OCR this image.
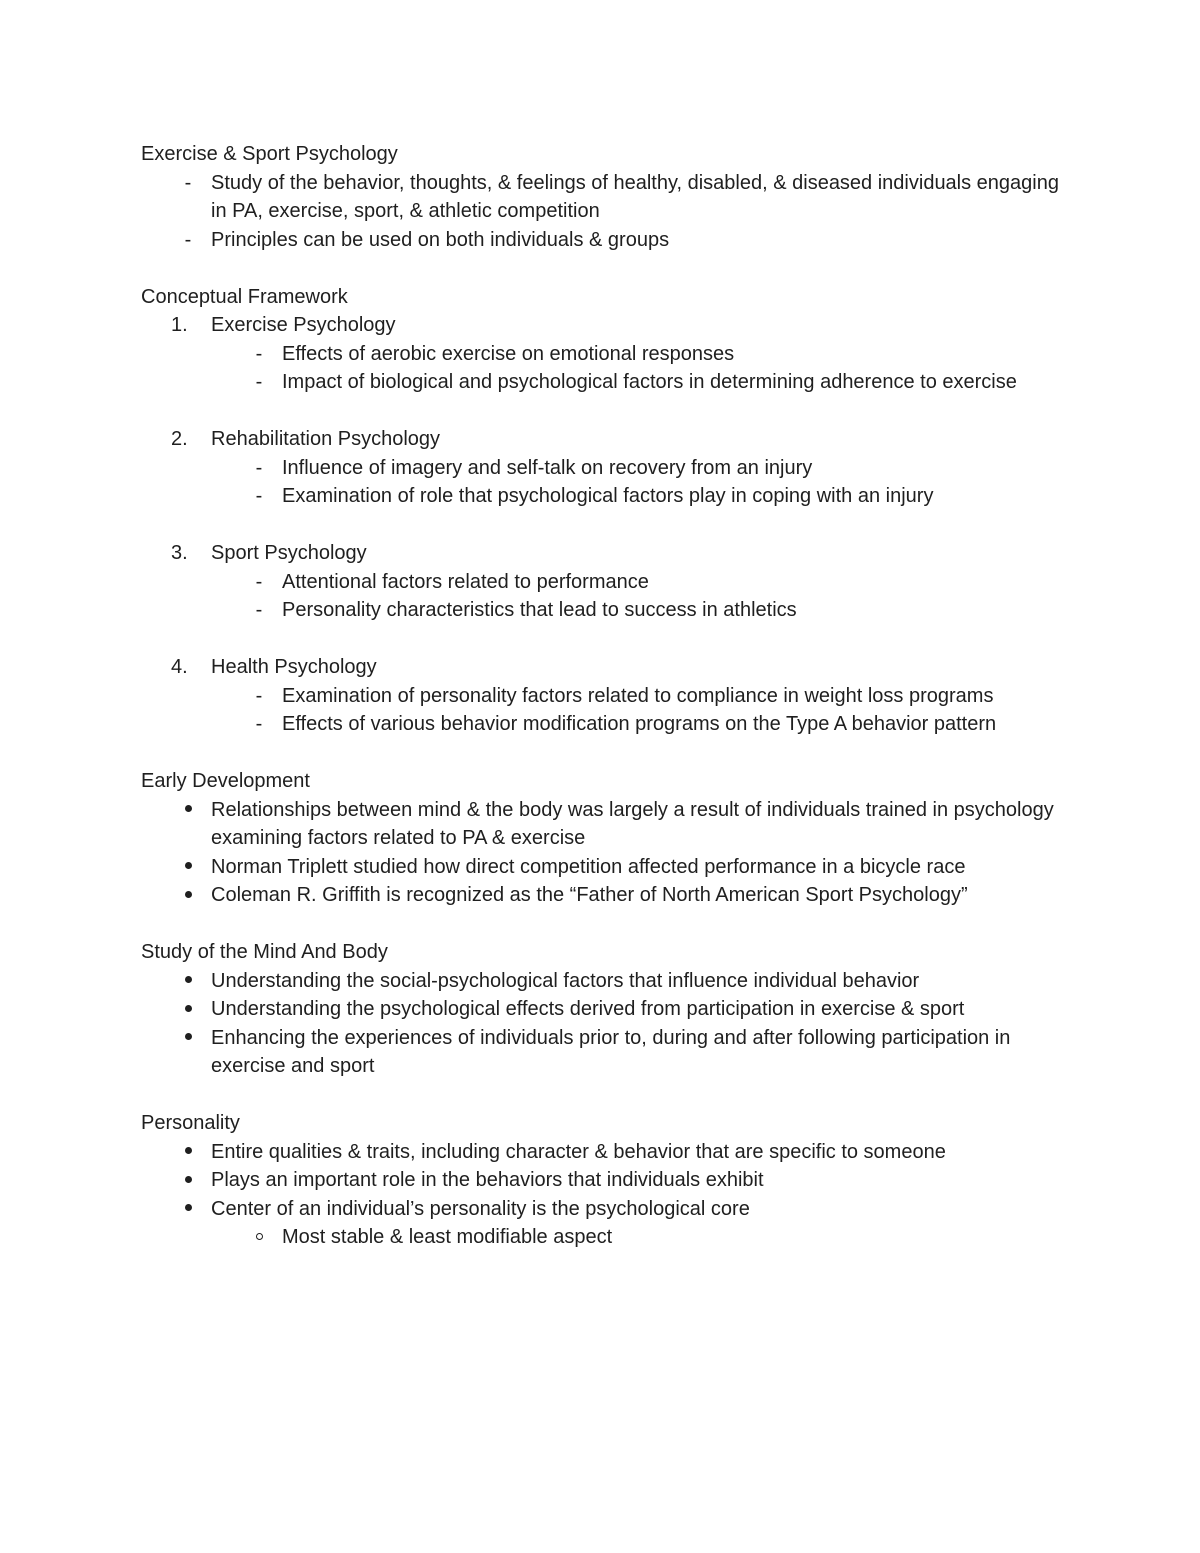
Exercise & Sport Psychology

- Study of the behavior, thoughts, & feelings of healthy, disabled, & diseased individuals engaging in PA, exercise, sport, & athletic competition
- Principles can be used on both individuals & groups

Conceptual Framework

1.	Exercise Psychology
- Effects of aerobic exercise on emotional responses
- Impact of biological and psychological factors in determining adherence to exercise
2.	Rehabilitation Psychology
- Influence of imagery and self-talk on recovery from an injury
- Examination of role that psychological factors play in coping with an injury
3.	Sport Psychology
- Attentional factors related to performance
- Personality characteristics that lead to success in athletics
4.	Health Psychology
- Examination of personality factors related to compliance in weight loss programs
- Effects of various behavior modification programs on the Type A behavior pattern

Early Development

Relationships between mind & the body was largely a result of individuals trained in psychology examining factors related to PA & exercise
Norman Triplett studied how direct competition affected performance in a bicycle race
Coleman R. Griffith is recognized as the “Father of North American Sport Psychology”

Study of the Mind And Body

Understanding the social-psychological factors that influence individual behavior
Understanding the psychological effects derived from participation in exercise & sport
Enhancing the experiences of individuals prior to, during and after following participation in exercise and sport

Personality

Entire qualities & traits, including character & behavior that are specific to someone
Plays an important role in the behaviors that individuals exhibit
Center of an individual’s personality is the psychological core
Most stable & least modifiable aspect
